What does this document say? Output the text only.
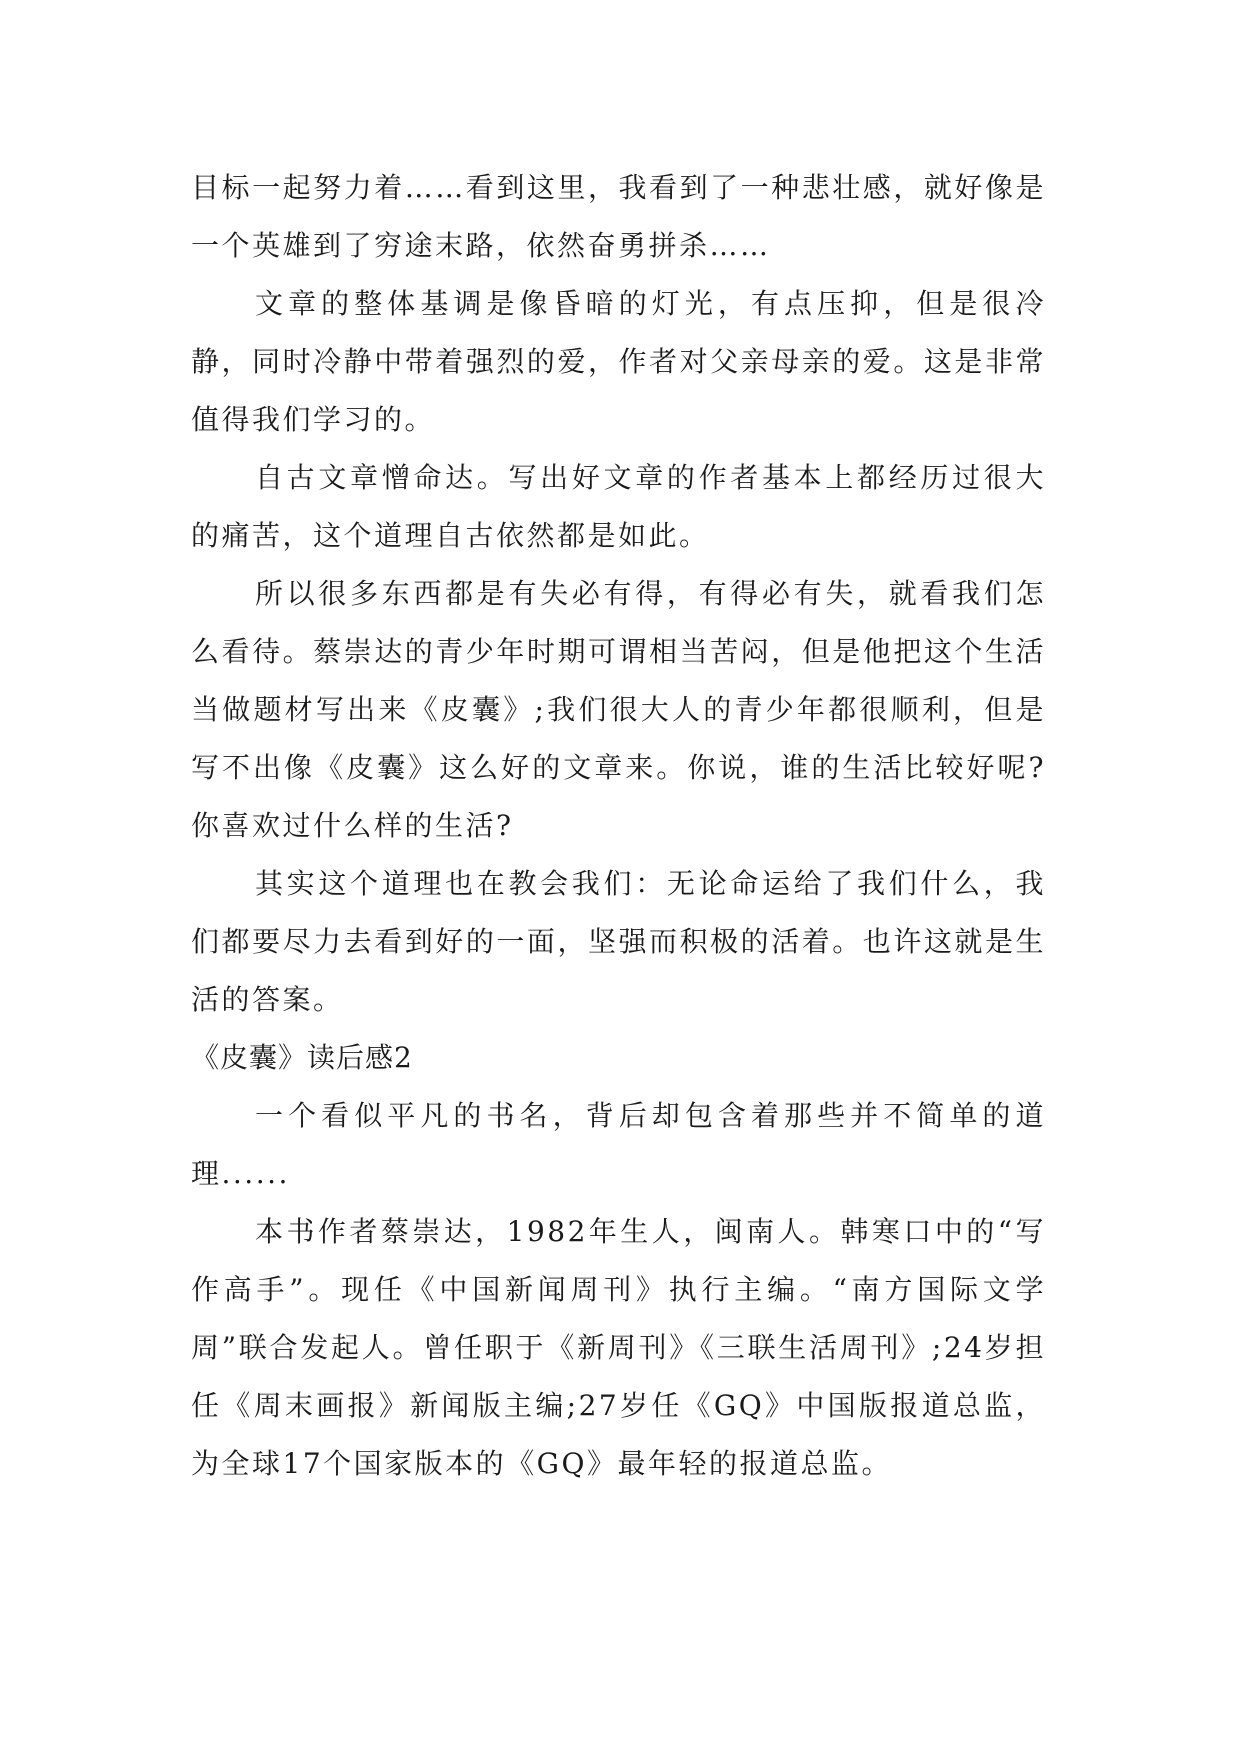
目标一起努力着……看到这里，我看到了一种悲壮感，就好像是一个英雄到了穷途末路，依然奋勇拼杀……

文章的整体基调是像昏暗的灯光，有点压抑，但是很冷静，同时冷静中带着强烈的爱，作者对父亲母亲的爱。这是非常值得我们学习的。

自古文章憎命达。写出好文章的作者基本上都经历过很大的痛苦，这个道理自古依然都是如此。

所以很多东西都是有失必有得，有得必有失，就看我们怎么看待。蔡崇达的青少年时期可谓相当苦闷，但是他把这个生活当做题材写出来《皮囊》;我们很大人的青少年都很顺利，但是写不出像《皮囊》这么好的文章来。你说，谁的生活比较好呢?你喜欢过什么样的生活?

其实这个道理也在教会我们：无论命运给了我们什么，我们都要尽力去看到好的一面，坚强而积极的活着。也许这就是生活的答案。

《皮囊》读后感2

一个看似平凡的书名，背后却包含着那些并不简单的道理......

本书作者蔡崇达，1982年生人，闽南人。韩寒口中的“写作高手”。现任《中国新闻周刊》执行主编。“南方国际文学周”联合发起人。曾任职于《新周刊》《三联生活周刊》;24岁担任《周末画报》新闻版主编;27岁任《GQ》中国版报道总监，为全球17个国家版本的《GQ》最年轻的报道总监。
